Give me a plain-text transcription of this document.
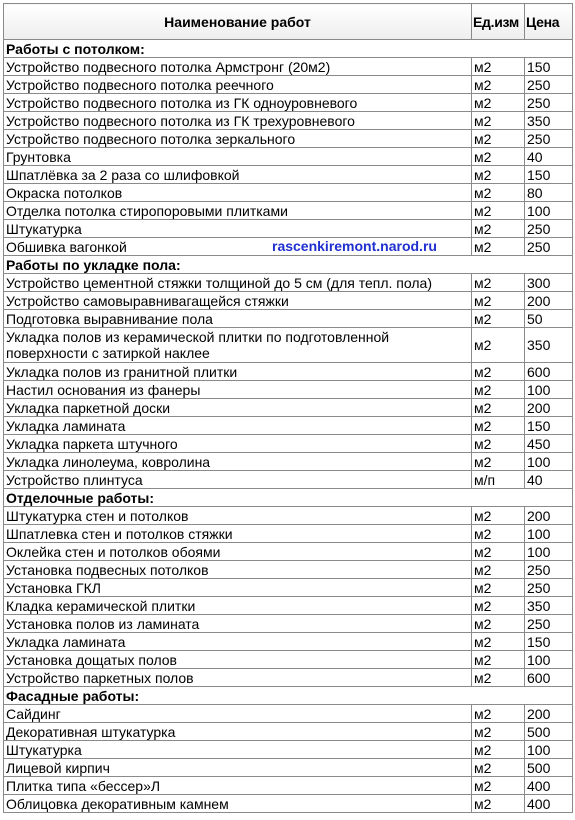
Наименование работ	Ед.изм	Цена
Работы с потолком:		
Устройство подвесного потолка Армстронг (20м2)	м2	150
Устройство подвесного потолка реечного	м2	250
Устройство подвесного потолка из ГК одноуровневого	м2	250
Устройство подвесного потолка из ГК трехуровневого	м2	350
Устройство подвесного потолка зеркального	м2	250
Грунтовка	м2	40
Шпатлёвка за 2 раза со шлифовкой	м2	150
Окраска потолков	м2	80
Отделка потолка стиропоровыми плитками	м2	100
Штукатурка	м2	250
Обшивка вагонкой	м2	250
Работы по укладке пола:		
Устройство цементной стяжки толщиной до 5 см (для тепл. пола)	м2	300
Устройство самовыравнивагащейся стяжки	м2	200
Подготовка выравнивание пола	м2	50
Укладка полов из керамической плитки по подготовленной поверхности с затиркой наклее	м2	350
Укладка полов из гранитной плитки	м2	600
Настил основания из фанеры	м2	100
Укладка паркетной доски	м2	200
Укладка ламината	м2	150
Укладка паркета штучного	м2	450
Укладка линолеума, ковролина	м2	100
Устройство плинтуса	м/п	40
Отделочные работы:		
Штукатурка стен и потолков	м2	200
Шпатлевка стен и потолков стяжки	м2	100
Оклейка стен и потолков обоями	м2	100
Установка подвесных потолков	м2	250
Установка ГКЛ	м2	250
Кладка керамической плитки	м2	350
Установка полов из ламината	м2	250
Укладка ламината	м2	150
Установка дощатых полов	м2	100
Устройство паркетных полов	м2	600
Фасадные работы:		
Сайдинг	м2	200
Декоративная штукатурка	м2	500
Штукатурка	м2	100
Лицевой кирпич	м2	500
Плитка типа «бессер»Л	м2	400
Облицовка декоративным камнем	м2	400
rascenkiremont.narod.ru
